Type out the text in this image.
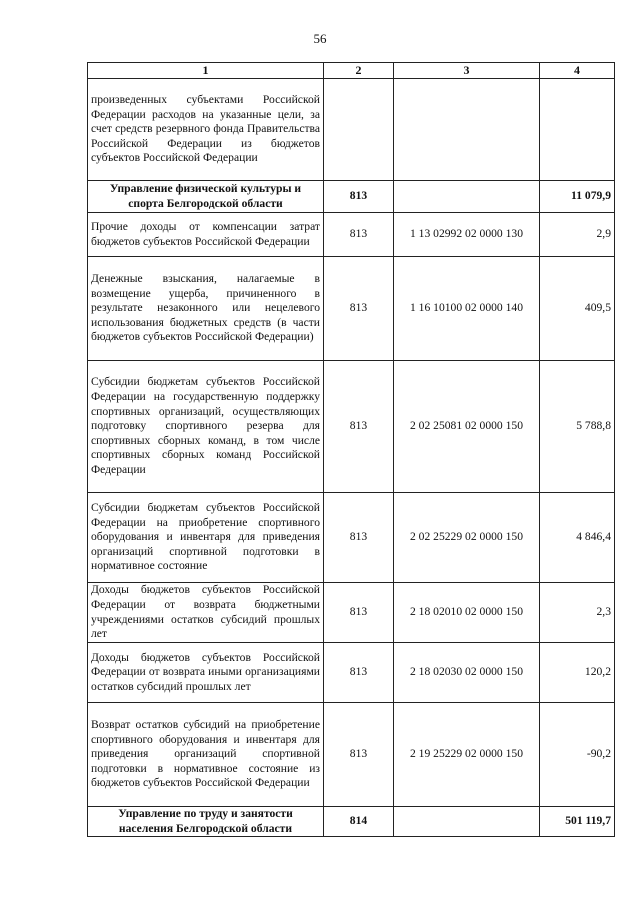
56
1	2	3	4
произведенных субъектами Российской Федерации расходов на указанные цели, за счет средств резервного фонда Правительства Российской Федерации из бюджетов субъектов Российской Федерации			
Управление физической культуры и спорта Белгородской области	813		11 079,9
Прочие доходы от компенсации затрат бюджетов субъектов Российской Федерации	813	1 13 02992 02 0000 130	2,9
Денежные взыскания, налагаемые в возмещение ущерба, причиненного в результате незаконного или нецелевого использования бюджетных средств (в части бюджетов субъектов Российской Федерации)	813	1 16 10100 02 0000 140	409,5
Субсидии бюджетам субъектов Российской Федерации на государственную поддержку спортивных организаций, осуществляющих подготовку спортивного резерва для спортивных сборных команд, в том числе спортивных сборных команд Российской Федерации	813	2 02 25081 02 0000 150	5 788,8
Субсидии бюджетам субъектов Российской Федерации на приобретение спортивного оборудования и инвентаря для приведения организаций спортивной подготовки в нормативное состояние	813	2 02 25229 02 0000 150	4 846,4
Доходы бюджетов субъектов Российской Федерации от возврата бюджетными учреждениями остатков субсидий прошлых лет	813	2 18 02010 02 0000 150	2,3
Доходы бюджетов субъектов Российской Федерации от возврата иными организациями остатков субсидий прошлых лет	813	2 18 02030 02 0000 150	120,2
Возврат остатков субсидий на приобретение спортивного оборудования и инвентаря для приведения организаций спортивной подготовки в нормативное состояние из бюджетов субъектов Российской Федерации	813	2 19 25229 02 0000 150	-90,2
Управление по труду и занятости населения Белгородской области	814		501 119,7
